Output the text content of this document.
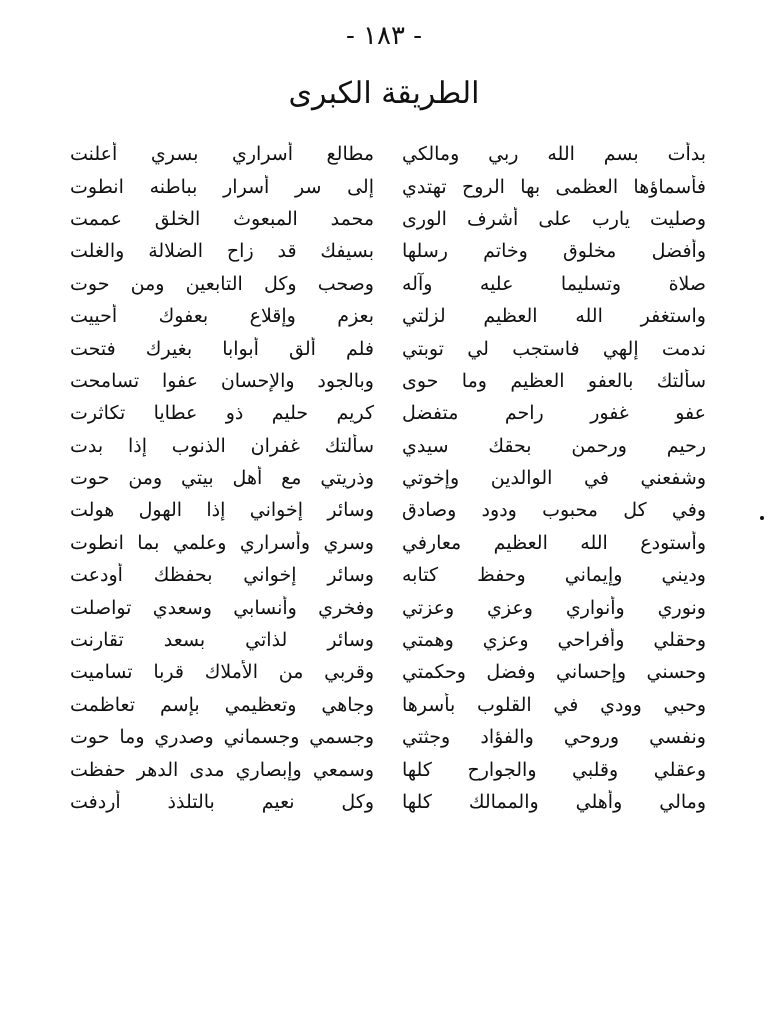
- ١٨٣ -
الطريقة الكبرى
بدأت بسم الله ربي ومالكي
مطالع أسراري بسري أعلنت
فأسماؤها العظمى بها الروح تهتدي
إلى سر أسرار بباطنه انطوت
وصليت يارب على أشرف الورى
محمد المبعوث الخلق عممت
وأفضل مخلوق وخاتم رسلها
بسيفك قد زاح الضلالة والغلت
صلاة وتسليما عليه وآله
وصحب وكل التابعين ومن حوت
واستغفر الله العظيم لزلتي
بعزم وإقلاع بعفوك أحييت
ندمت إلهي فاستجب لي توبتي
فلم ألق أبوابا بغيرك فتحت
سألتك بالعفو العظيم وما حوى
وبالجود والإحسان عفوا تسامحت
عفو غفور راحم متفضل
كريم حليم ذو عطايا تكاثرت
رحيم ورحمن بحقك سيدي
سألتك غفران الذنوب إذا بدت
وشفعني في الوالدين وإخوتي
وذريتي مع أهل بيتي ومن حوت
وفي كل محبوب ودود وصادق
وسائر إخواني إذا الهول هولت
وأستودع الله العظيم معارفي
وسري وأسراري وعلمي بما انطوت
وديني وإيماني وحفظ كتابه
وسائر إخواني بحفظك أودعت
ونوري وأنواري وعزي وعزتي
وفخري وأنسابي وسعدي تواصلت
وحقلي وأفراحي وعزي وهمتي
وسائر لذاتي بسعد تقارنت
وحسني وإحساني وفضل وحكمتي
وقربي من الأملاك قربا تساميت
وحبي وودي في القلوب بأسرها
وجاهي وتعظيمي بإسم تعاظمت
ونفسي وروحي والفؤاد وجثتي
وجسمي وجسماني وصدري وما حوت
وعقلي وقلبي والجوارح كلها
وسمعي وإبصاري مدى الدهر حفظت
ومالي وأهلي والممالك كلها
وكل نعيم بالتلذذ أردفت
